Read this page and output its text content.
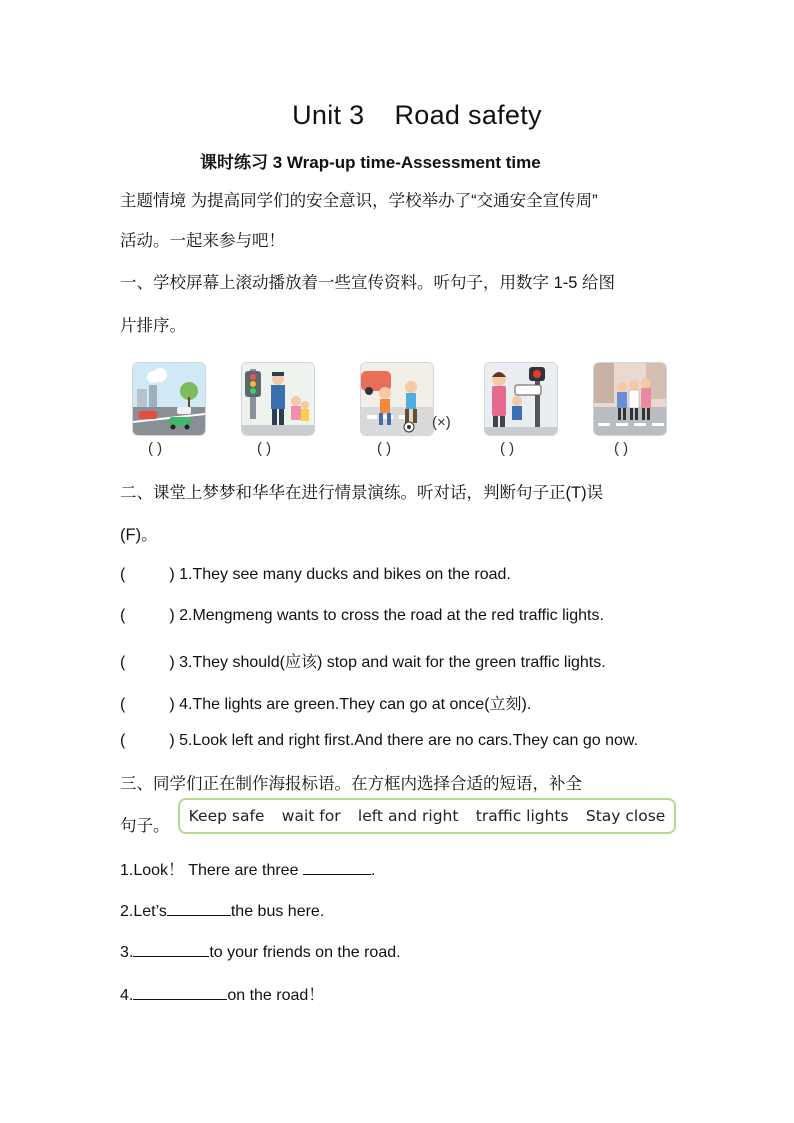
Unit 3 Road safety
课时练习 3 Wrap-up time-Assessment time
主题情境 为提高同学们的安全意识，学校举办了“交通安全宣传周”
活动。一起来参与吧！
一、学校屏幕上滚动播放着一些宣传资料。听句子，用数字 1-5 给图
片排序。
( )	( )	( )
(×)
( )	( )
二、课堂上梦梦和华华在进行情景演练。听对话，判断句子正(T)误
(F)。
(	) 1.They see many ducks and bikes on the road.
(	) 2.Mengmeng wants to cross the road at the red traffic lights.
(	) 3.They should(应该) stop and wait for the green traffic lights.
(	) 4.The lights are green.They can go at once(立刻).
(	) 5.Look left and right first.And there are no cars.They can go now.
三、同学们正在制作海报标语。在方框内选择合适的短语，补全
句子。
Keep safe wait for left and right traffic lights Stay close
1.Look！ There are three	.
2.Let’s	the bus here.
3.	to your friends on the road.
4.	on the road！
